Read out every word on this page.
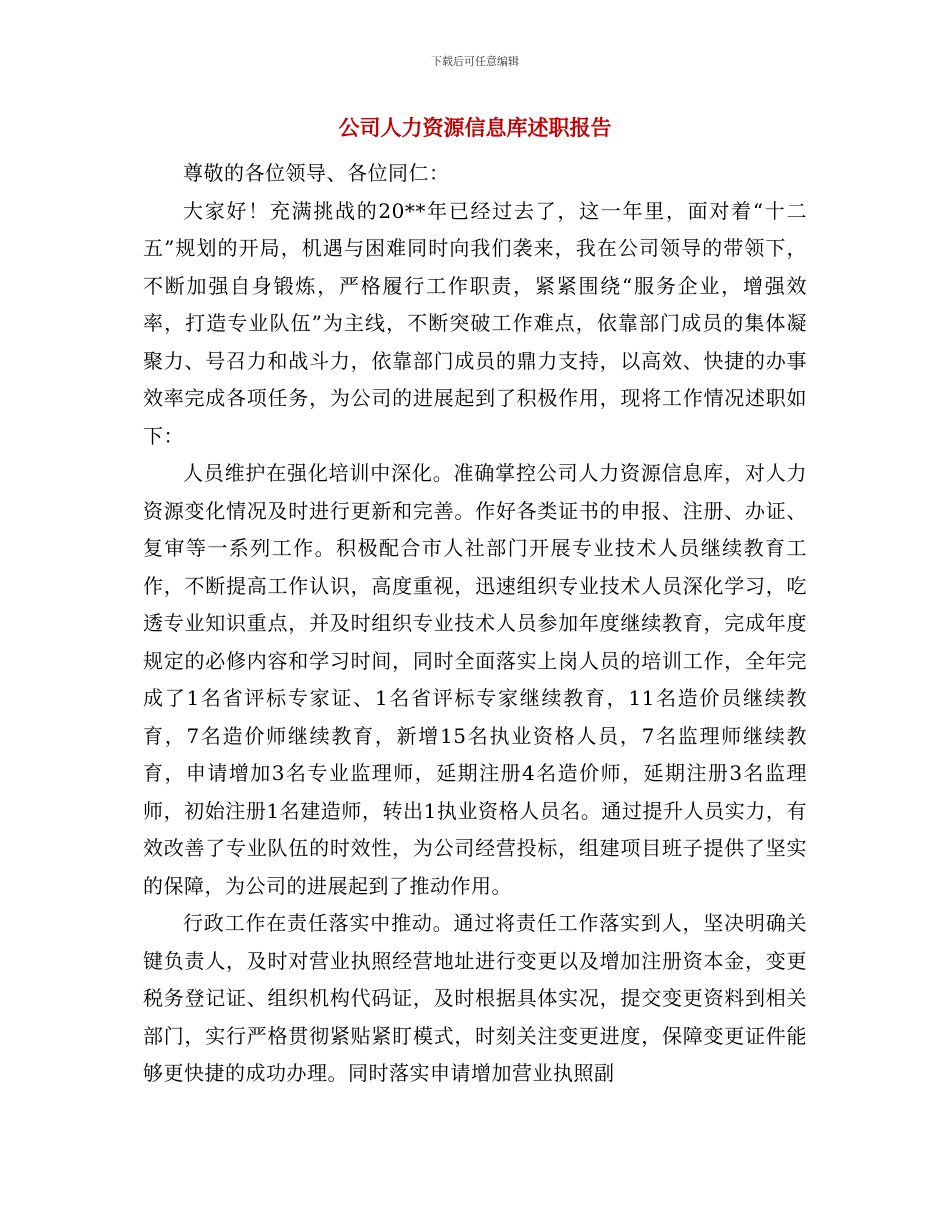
下载后可任意编辑
公司人力资源信息库述职报告

尊敬的各位领导、各位同仁：

大家好！充满挑战的20**年已经过去了，这一年里，面对着“十二五”规划的开局，机遇与困难同时向我们袭来，我在公司领导的带领下，不断加强自身锻炼，严格履行工作职责，紧紧围绕“服务企业，增强效率，打造专业队伍”为主线，不断突破工作难点，依靠部门成员的集体凝聚力、号召力和战斗力，依靠部门成员的鼎力支持，以高效、快捷的办事效率完成各项任务，为公司的进展起到了积极作用，现将工作情况述职如下：

人员维护在强化培训中深化。准确掌控公司人力资源信息库，对人力资源变化情况及时进行更新和完善。作好各类证书的申报、注册、办证、复审等一系列工作。积极配合市人社部门开展专业技术人员继续教育工作，不断提高工作认识，高度重视，迅速组织专业技术人员深化学习，吃透专业知识重点，并及时组织专业技术人员参加年度继续教育，完成年度规定的必修内容和学习时间，同时全面落实上岗人员的培训工作，全年完成了1名省评标专家证、1名省评标专家继续教育，11名造价员继续教育，7名造价师继续教育，新增15名执业资格人员，7名监理师继续教育，申请增加3名专业监理师，延期注册4名造价师，延期注册3名监理师，初始注册1名建造师，转出1执业资格人员名。通过提升人员实力，有效改善了专业队伍的时效性，为公司经营投标，组建项目班子提供了坚实的保障，为公司的进展起到了推动作用。

行政工作在责任落实中推动。通过将责任工作落实到人，坚决明确关键负责人，及时对营业执照经营地址进行变更以及增加注册资本金，变更税务登记证、组织机构代码证，及时根据具体实况，提交变更资料到相关部门，实行严格贯彻紧贴紧盯模式，时刻关注变更进度，保障变更证件能够更快捷的成功办理。同时落实申请增加营业执照副
